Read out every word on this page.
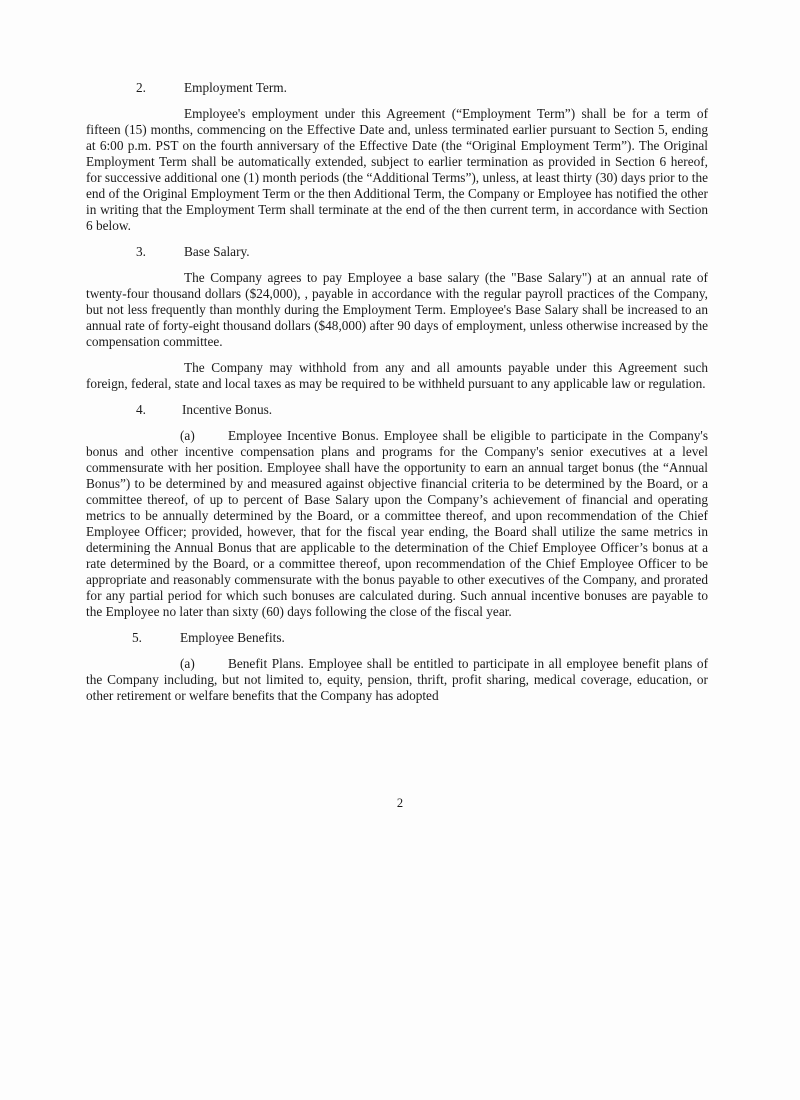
2.	Employment Term.

Employee's employment under this Agreement (“Employment Term”) shall be for a term of fifteen (15) months, commencing on the Effective Date and, unless terminated earlier pursuant to Section 5, ending at 6:00 p.m. PST on the fourth anniversary of the Effective Date (the “Original Employment Term”). The Original Employment Term shall be automatically extended, subject to earlier termination as provided in Section 6 hereof, for successive additional one (1) month periods (the “Additional Terms”), unless, at least thirty (30) days prior to the end of the Original Employment Term or the then Additional Term, the Company or Employee has notified the other in writing that the Employment Term shall terminate at the end of the then current term, in accordance with Section 6 below.

3.	Base Salary.

The Company agrees to pay Employee a base salary (the "Base Salary") at an annual rate of twenty-four thousand dollars ($24,000), , payable in accordance with the regular payroll practices of the Company, but not less frequently than monthly during the Employment Term. Employee's Base Salary shall be increased to an annual rate of forty-eight thousand dollars ($48,000) after 90 days of employment, unless otherwise increased by the compensation committee.

The Company may withhold from any and all amounts payable under this Agreement such foreign, federal, state and local taxes as may be required to be withheld pursuant to any applicable law or regulation.

4.	Incentive Bonus.

(a) Employee Incentive Bonus. Employee shall be eligible to participate in the Company's bonus and other incentive compensation plans and programs for the Company's senior executives at a level commensurate with her position. Employee shall have the opportunity to earn an annual target bonus (the “Annual Bonus”) to be determined by and measured against objective financial criteria to be determined by the Board, or a committee thereof, of up to percent of Base Salary upon the Company’s achievement of financial and operating metrics to be annually determined by the Board, or a committee thereof, and upon recommendation of the Chief Employee Officer; provided, however, that for the fiscal year ending, the Board shall utilize the same metrics in determining the Annual Bonus that are applicable to the determination of the Chief Employee Officer’s bonus at a rate determined by the Board, or a committee thereof, upon recommendation of the Chief Employee Officer to be appropriate and reasonably commensurate with the bonus payable to other executives of the Company, and prorated for any partial period for which such bonuses are calculated during. Such annual incentive bonuses are payable to the Employee no later than sixty (60) days following the close of the fiscal year.

5.	Employee Benefits.

(a) Benefit Plans. Employee shall be entitled to participate in all employee benefit plans of the Company including, but not limited to, equity, pension, thrift, profit sharing, medical coverage, education, or other retirement or welfare benefits that the Company has adopted

2
